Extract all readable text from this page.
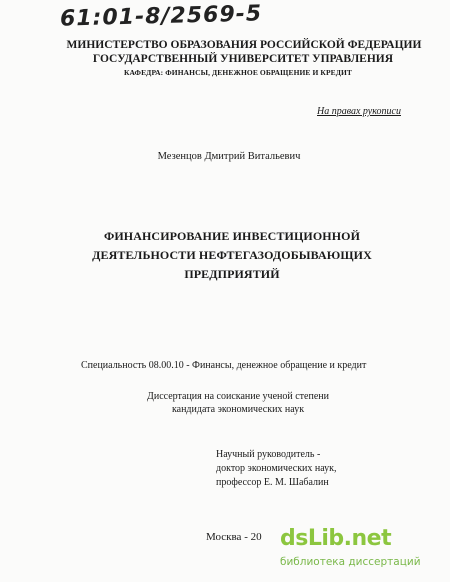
61:01-8/2569-5
МИНИСТЕРСТВО ОБРАЗОВАНИЯ РОССИЙСКОЙ ФЕДЕРАЦИИ
ГОСУДАРСТВЕННЫЙ УНИВЕРСИТЕТ УПРАВЛЕНИЯ
КАФЕДРА: ФИНАНСЫ, ДЕНЕЖНОЕ ОБРАЩЕНИЕ И КРЕДИТ
На правах рукописи
Мезенцов Дмитрий Витальевич
ФИНАНСИРОВАНИЕ ИНВЕСТИЦИОННОЙ
ДЕЯТЕЛЬНОСТИ НЕФТЕГАЗОДОБЫВАЮЩИХ
ПРЕДПРИЯТИЙ
Специальность 08.00.10 - Финансы, денежное обращение и кредит
Диссертация на соискание ученой степени
кандидата экономических наук
Научный руководитель -
доктор экономических наук,
профессор Е. М. Шабалин
Москва - 20 dsLib.net
библиотека диссертаций
